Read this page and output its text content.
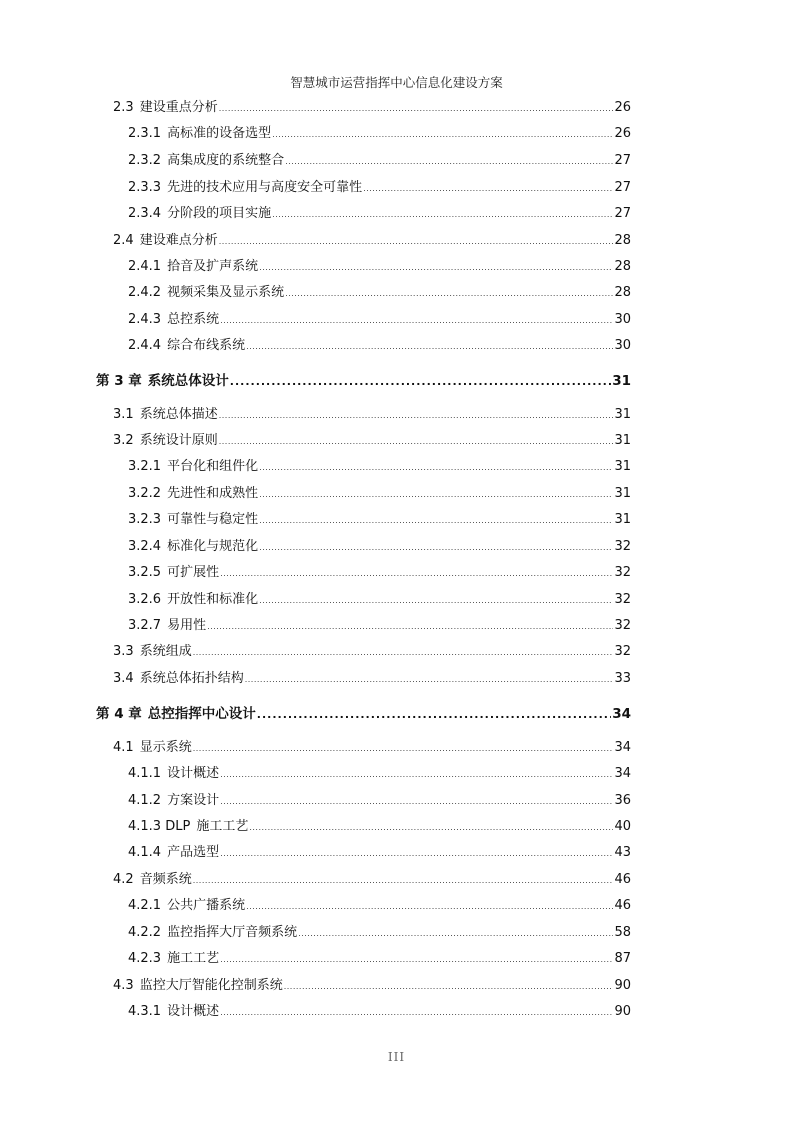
智慧城市运营指挥中心信息化建设方案
2.3 建设重点分析 .....	26
2.3.1 高标准的设备选型 .....	26
2.3.2 高集成度的系统整合 .....	27
2.3.3 先进的技术应用与高度安全可靠性 .....	27
2.3.4 分阶段的项目实施 .....	27
2.4 建设难点分析 .....	28
2.4.1 拾音及扩声系统 .....	28
2.4.2 视频采集及显示系统 .....	28
2.4.3 总控系统 .....	30
2.4.4 综合布线系统 .....	30
第 3 章 系统总体设计 .....	31
3.1 系统总体描述 .....	31
3.2 系统设计原则 .....	31
3.2.1 平台化和组件化 .....	31
3.2.2 先进性和成熟性 .....	31
3.2.3 可靠性与稳定性 .....	31
3.2.4 标准化与规范化 .....	32
3.2.5 可扩展性 .....	32
3.2.6 开放性和标准化 .....	32
3.2.7 易用性 .....	32
3.3 系统组成 .....	32
3.4 系统总体拓扑结构 .....	33
第 4 章 总控指挥中心设计 .....	34
4.1 显示系统 .....	34
4.1.1 设计概述 .....	34
4.1.2 方案设计 .....	36
4.1.3 DLP 施工工艺 .....	40
4.1.4 产品选型 .....	43
4.2 音频系统 .....	46
4.2.1 公共广播系统 .....	46
4.2.2 监控指挥大厅音频系统 .....	58
4.2.3 施工工艺 .....	87
4.3 监控大厅智能化控制系统 .....	90
4.3.1 设计概述 .....	90
III
